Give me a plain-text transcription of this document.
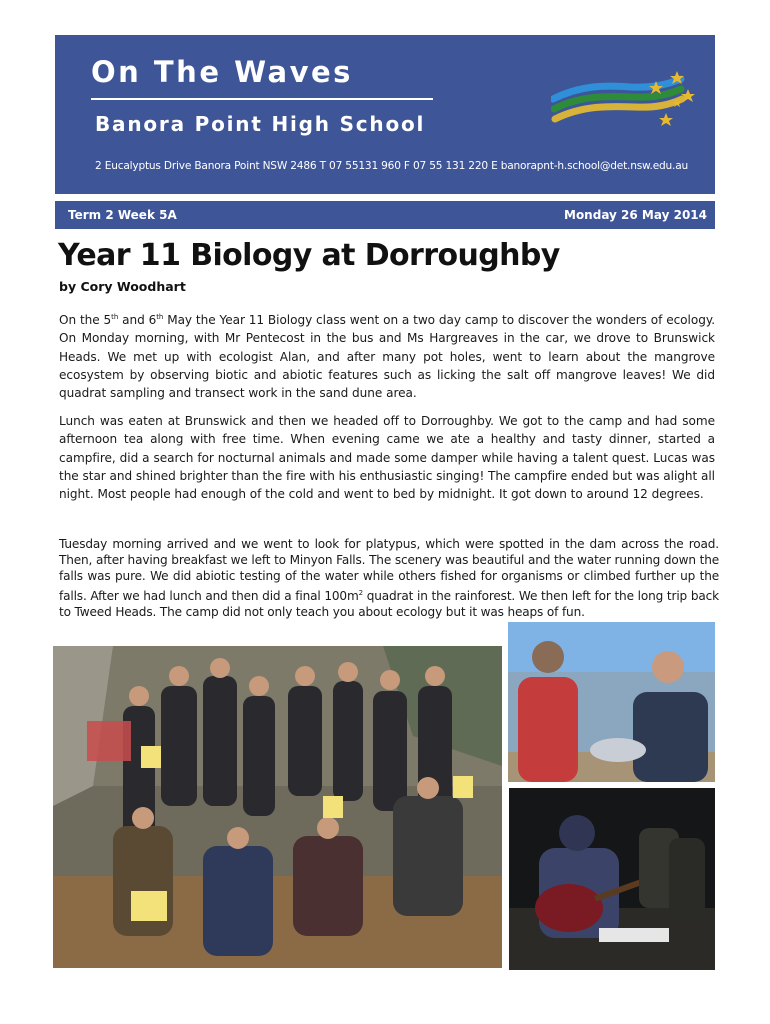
On The Waves
Banora Point High School
2 Eucalyptus Drive Banora Point NSW 2486 T 07 55131 960 F 07 55 131 220 E banorapnt-h.school@det.nsw.edu.au
Term 2 Week 5A	Monday 26 May 2014
Year 11 Biology at Dorroughby
by Cory Woodhart

On the 5th and 6th May the Year 11 Biology class went on a two day camp to discover the wonders of ecology. On Monday morning, with Mr Pentecost in the bus and Ms Hargreaves in the car, we drove to Brunswick Heads. We met up with ecologist Alan, and after many pot holes, went to learn about the mangrove ecosystem by observing biotic and abiotic features such as licking the salt off mangrove leaves! We did quadrat sampling and transect work in the sand dune area.

Lunch was eaten at Brunswick and then we headed off to Dorroughby. We got to the camp and had some afternoon tea along with free time. When evening came we ate a healthy and tasty dinner, started a campfire, did a search for nocturnal animals and made some damper while having a talent quest. Lucas was the star and shined brighter than the fire with his enthusiastic singing! The campfire ended but was alight all night. Most people had enough of the cold and went to bed by midnight. It got down to around 12 degrees.

Tuesday morning arrived and we went to look for platypus, which were spotted in the dam across the road. Then, after having breakfast we left to Minyon Falls. The scenery was beautiful and the water running down the falls was pure. We did abiotic testing of the water while others fished for organisms or climbed further up the falls. After we had lunch and then did a final $100m^2$ quadrat in the rainforest. We then left for the long trip back to Tweed Heads. The camp did not only teach you about ecology but it was heaps of fun.
